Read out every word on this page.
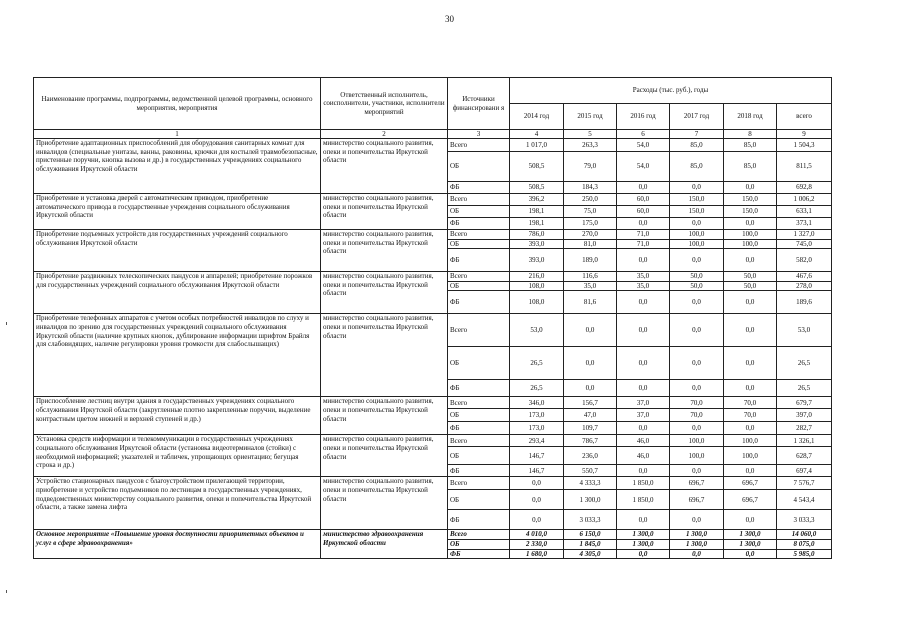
30
Наименование программы, подпрограммы, ведомственной целевой программы, основного мероприятия, мероприятия	Ответственный исполнитель, соисполнители, участники, исполнители мероприятий	Источники финансировани я	Расходы (тыс. руб.), годы					
			2014 год	2015 год	2016 год	2017 год	2018 год	всего
1	2	3	4	5	6	7	8	9
Приобретение адаптационных приспособлений для оборудования санитарных комнат для инвалидов (специальные унитазы, ванны, раковины, крючки для костылей травмобезопасные, пристенные поручни, кнопка вызова и др.) в государственных учреждениях социального обслуживания Иркутской области	министерство социального развития, опеки и попечительства Иркутской области	Всего	1 017,0	263,3	54,0	85,0	85,0	1 504,3
		ОБ	508,5	79,0	54,0	85,0	85,0	811,5
		ФБ	508,5	184,3	0,0	0,0	0,0	692,8
Приобретение и установка дверей с автоматическим приводом, приобретение автоматического привода в государственные учреждения социального обслуживания Иркутской области	министерство социального развития, опеки и попечительства Иркутской области	Всего	396,2	250,0	60,0	150,0	150,0	1 006,2
		ОБ	198,1	75,0	60,0	150,0	150,0	633,1
		ФБ	198,1	175,0	0,0	0,0	0,0	373,1
Приобретение подъемных устройств для государственных учреждений социального обслуживания Иркутской области	министерство социального развития, опеки и попечительства Иркутской области	Всего	786,0	270,0	71,0	100,0	100,0	1 327,0
		ОБ	393,0	81,0	71,0	100,0	100,0	745,0
		ФБ	393,0	189,0	0,0	0,0	0,0	582,0
Приобретение раздвижных телескопических пандусов и аппарелей; приобретение порожков для государственных учреждений социального обслуживания Иркутской области	министерство социального развития, опеки и попечительства Иркутской области	Всего	216,0	116,6	35,0	50,0	50,0	467,6
		ОБ	108,0	35,0	35,0	50,0	50,0	278,0
		ФБ	108,0	81,6	0,0	0,0	0,0	189,6
Приобретение телефонных аппаратов с учетом особых потребностей инвалидов по слуху и инвалидов по зрению для государственных учреждений социального обслуживания Иркутской области (наличие крупных кнопок, дублирование информации шрифтом Брайля для слабовидящих, наличие регулировки уровня громкости для слабослышащих)	министерство социального развития, опеки и попечительства Иркутской области	Всего	53,0	0,0	0,0	0,0	0,0	53,0
		ОБ	26,5	0,0	0,0	0,0	0,0	26,5
		ФБ	26,5	0,0	0,0	0,0	0,0	26,5
Приспособление лестниц внутри здания в государственных учреждениях социального обслуживания Иркутской области (закругленные плотно закрепленные поручни, выделение контрастным цветом нижней и верхней ступеней и др.)	министерство социального развития, опеки и попечительства Иркутской области	Всего	346,0	156,7	37,0	70,0	70,0	679,7
		ОБ	173,0	47,0	37,0	70,0	70,0	397,0
		ФБ	173,0	109,7	0,0	0,0	0,0	282,7
Установка средств информации и телекоммуникации в государственных учреждениях социального обслуживания Иркутской области (установка видеотерминалов (стойки) с необходимой информацией; указателей и табличек, упрощающих ориентацию; бегущая строка и др.)	министерство социального развития, опеки и попечительства Иркутской области	Всего	293,4	786,7	46,0	100,0	100,0	1 326,1
		ОБ	146,7	236,0	46,0	100,0	100,0	628,7
		ФБ	146,7	550,7	0,0	0,0	0,0	697,4
Устройство стационарных пандусов с благоустройством прилегающей территории, приобретение и устройство подъемников по лестницам в государственных учреждениях, подведомственных министерству социального развития, опеки и попечительства Иркутской области, а также замена лифта	министерство социального развития, опеки и попечительства Иркутской области	Всего	0,0	4 333,3	1 850,0	696,7	696,7	7 576,7
		ОБ	0,0	1 300,0	1 850,0	696,7	696,7	4 543,4
		ФБ	0,0	3 033,3	0,0	0,0	0,0	3 033,3
Основное мероприятие «Повышение уровня доступности приоритетных объектов и услуг в сфере здравоохранения»	министерство здравоохранения Иркутской области	Всего	4 010,0	6 150,0	1 300,0	1 300,0	1 300,0	14 060,0
		ОБ	2 330,0	1 845,0	1 300,0	1 300,0	1 300,0	8 075,0
		ФБ	1 680,0	4 305,0	0,0	0,0	0,0	5 985,0
